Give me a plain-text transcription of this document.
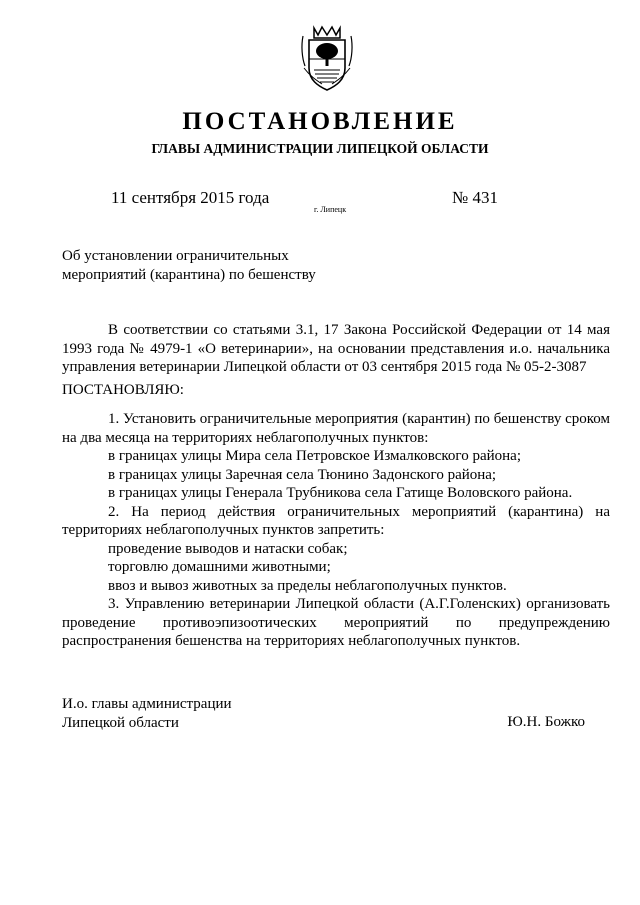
ПОСТАНОВЛЕНИЕ
ГЛАВЫ АДМИНИСТРАЦИИ ЛИПЕЦКОЙ ОБЛАСТИ
11 сентября 2015 года
г. Липецк
№ 431
Об установлении ограничительных
мероприятий (карантина) по бешенству
В соответствии со статьями 3.1, 17 Закона Российской Федерации от 14 мая 1993 года № 4979-1 «О ветеринарии», на основании представления и.о. начальника управления ветеринарии Липецкой области от 03 сентября 2015 года № 05-2-3087
ПОСТАНОВЛЯЮ:
1. Установить ограничительные мероприятия (карантин) по бешенству сроком на два месяца на территориях неблагополучных пунктов:
в границах улицы Мира села Петровское Измалковского района;
в границах улицы Заречная села Тюнино Задонского района;
в границах улицы Генерала Трубникова села Гатище Воловского района.
2. На период действия ограничительных мероприятий (карантина) на территориях неблагополучных пунктов запретить:
проведение выводов и натаски собак;
торговлю домашними животными;
ввоз и вывоз животных за пределы неблагополучных пунктов.
3. Управлению ветеринарии Липецкой области (А.Г.Голенских) организовать проведение противоэпизоотических мероприятий по предупреждению распространения бешенства на территориях неблагополучных пунктов.
И.о. главы администрации
Липецкой области	Ю.Н. Божко
